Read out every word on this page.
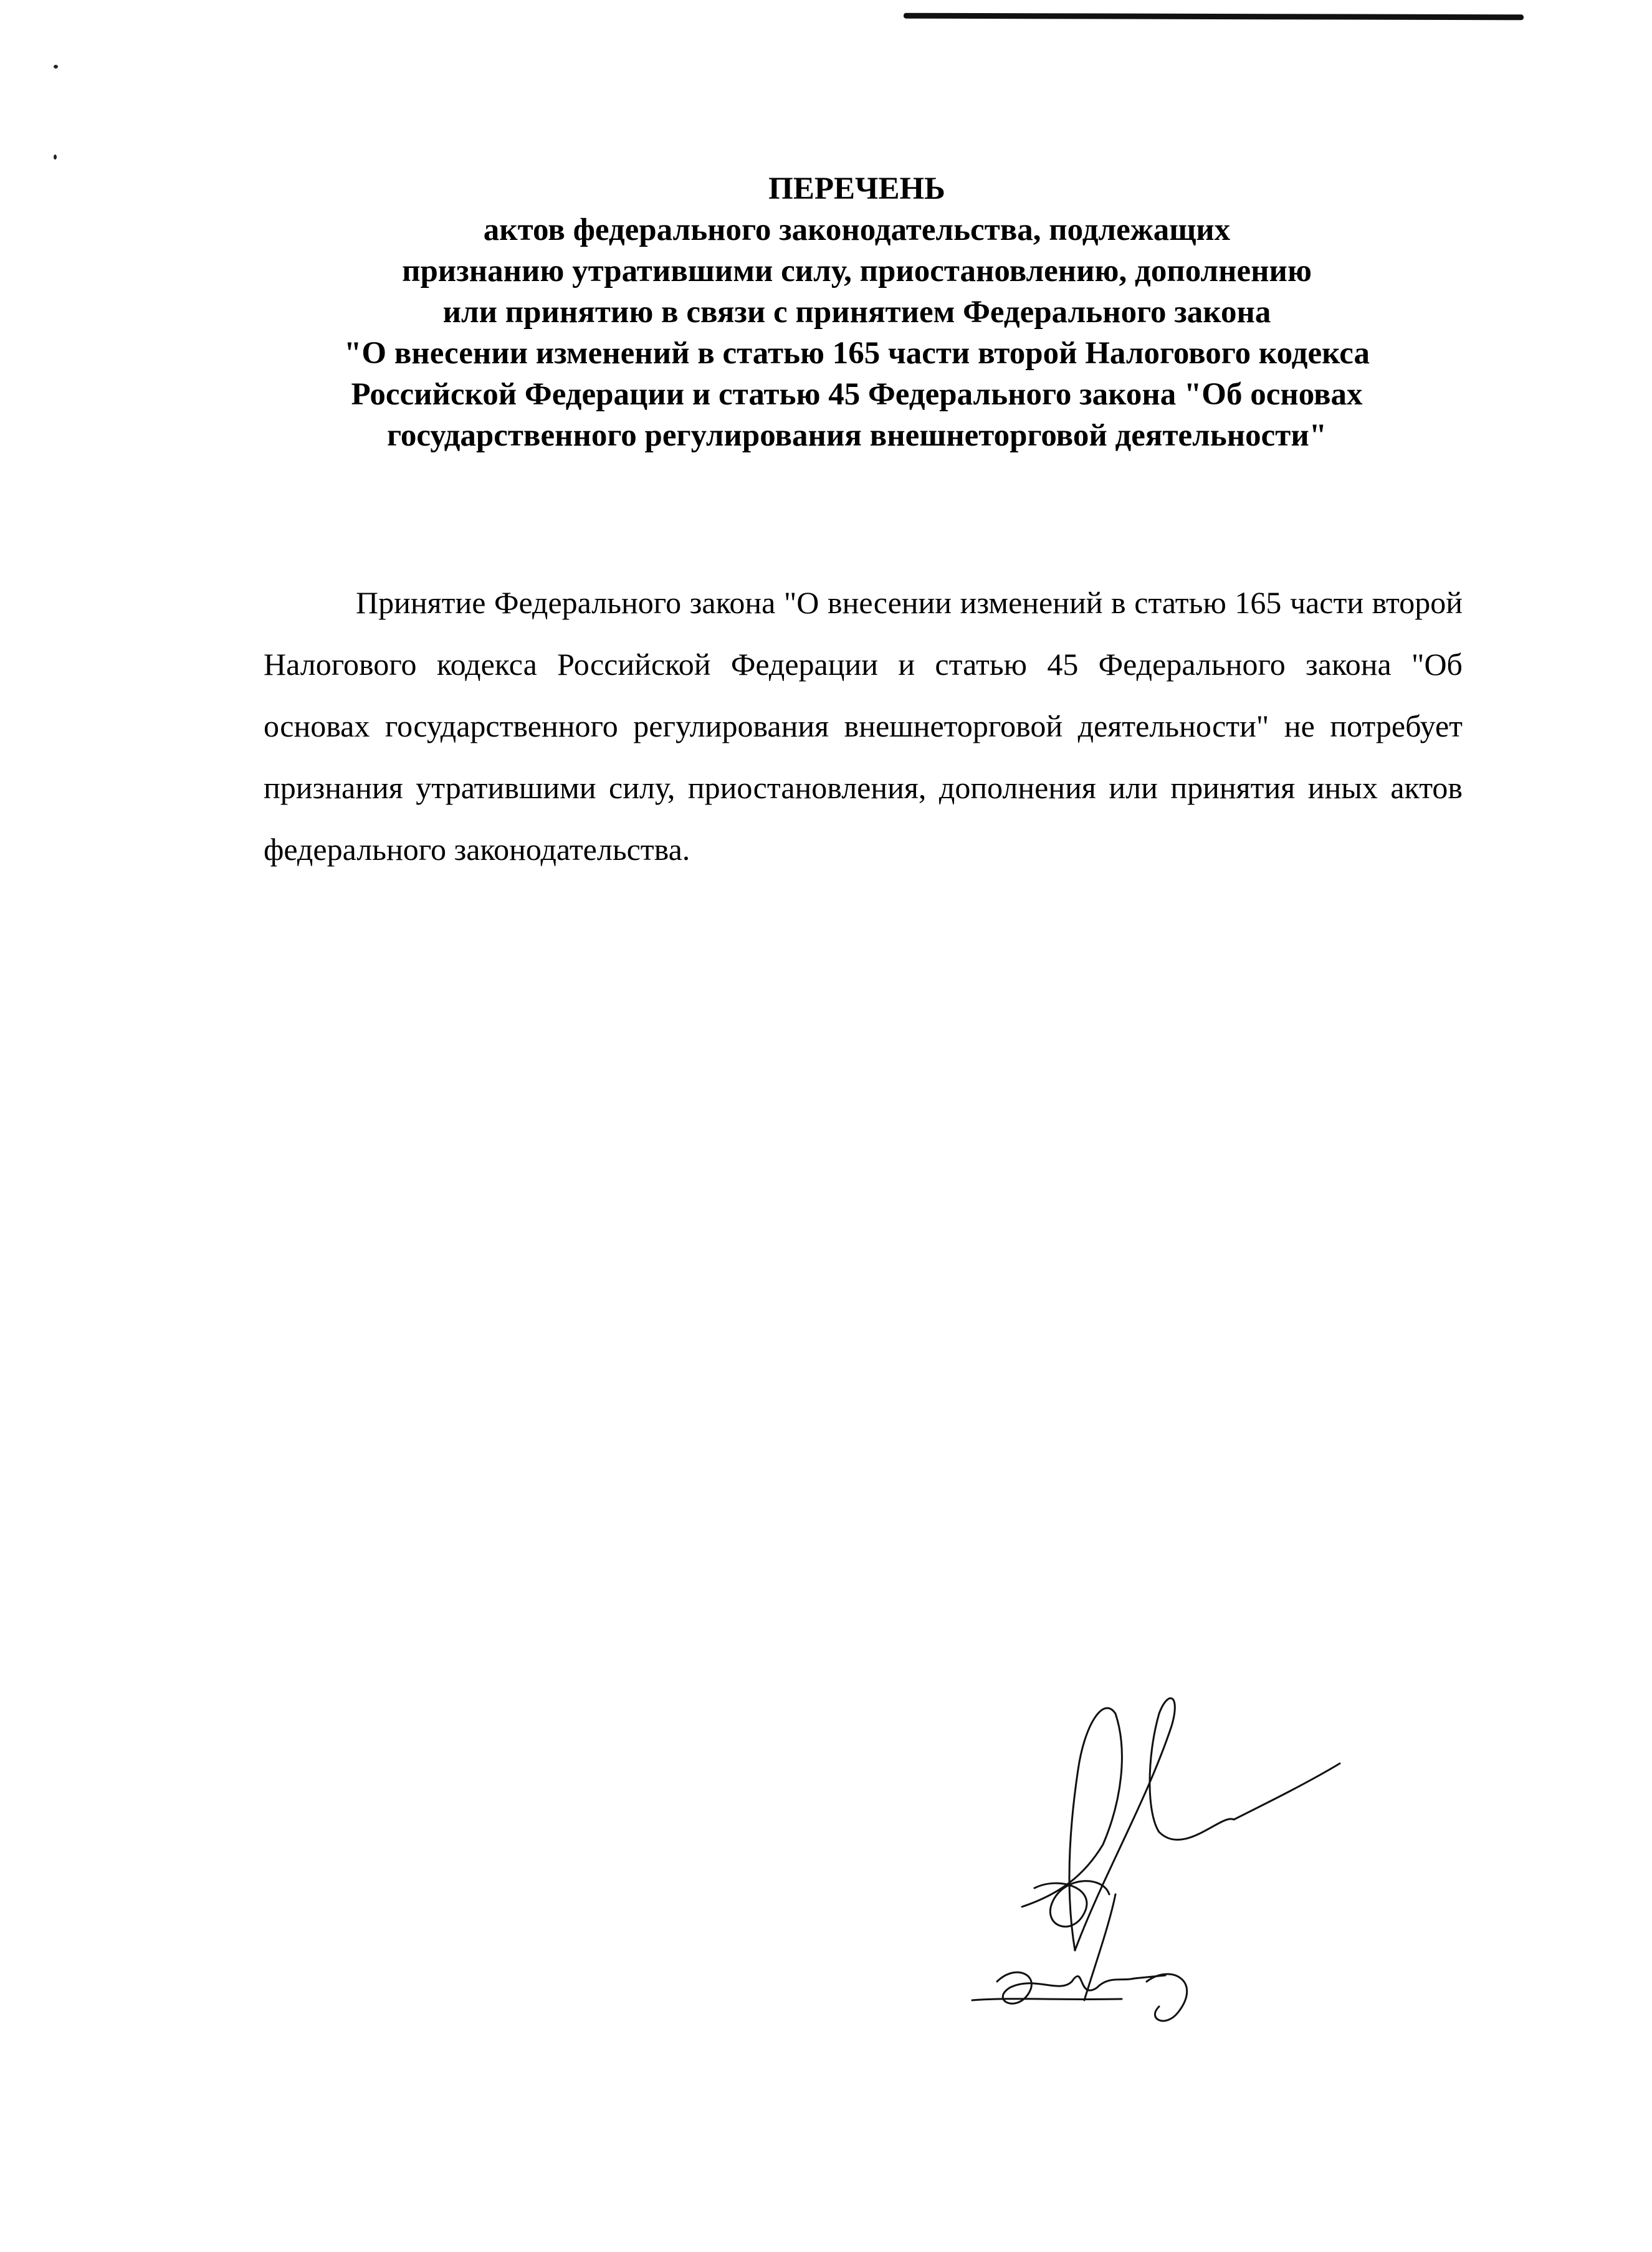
ПЕРЕЧЕНЬ
актов федерального законодательства, подлежащих
признанию утратившими силу, приостановлению, дополнению
или принятию в связи с принятием Федерального закона
"О внесении изменений в статью 165 части второй Налогового кодекса
Российской Федерации и статью 45 Федерального закона "Об основах
государственного регулирования внешнеторговой деятельности"

Принятие Федерального закона "О внесении изменений в статью 165 части второй Налогового кодекса Российской Федерации и статью 45 Федерального закона "Об основах государственного регулирования внешнеторговой деятельности" не потребует признания утратившими силу, приостановления, дополнения или принятия иных актов федерального законодательства.
